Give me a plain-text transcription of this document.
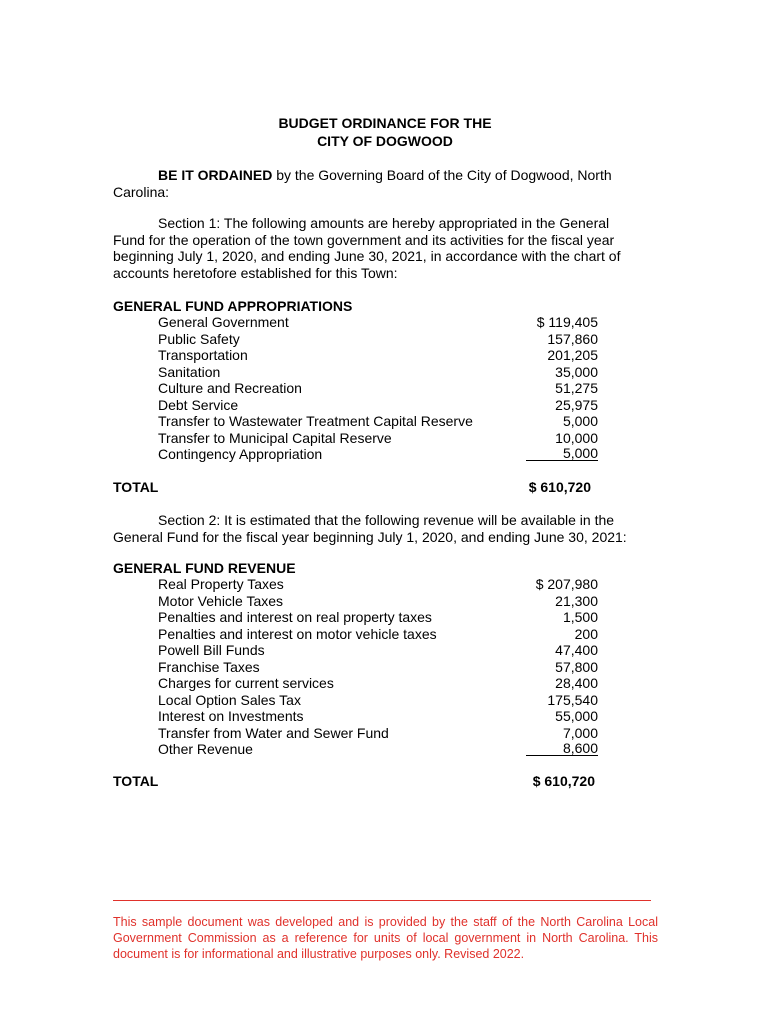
BUDGET ORDINANCE FOR THE
CITY OF DOGWOOD
BE IT ORDAINED by the Governing Board of the City of Dogwood, North Carolina:
Section 1: The following amounts are hereby appropriated in the General Fund for the operation of the town government and its activities for the fiscal year beginning July 1, 2020, and ending June 30, 2021, in accordance with the chart of accounts heretofore established for this Town:
GENERAL FUND APPROPRIATIONS
General Government	$ 119,405
Public Safety	157,860
Transportation	201,205
Sanitation	35,000
Culture and Recreation	51,275
Debt Service	25,975
Transfer to Wastewater Treatment Capital Reserve	5,000
Transfer to Municipal Capital Reserve	10,000
Contingency Appropriation	5,000
TOTAL	$ 610,720
Section 2: It is estimated that the following revenue will be available in the General Fund for the fiscal year beginning July 1, 2020, and ending June 30, 2021:
GENERAL FUND REVENUE
Real Property Taxes	$ 207,980
Motor Vehicle Taxes	21,300
Penalties and interest on real property taxes	1,500
Penalties and interest on motor vehicle taxes	200
Powell Bill Funds	47,400
Franchise Taxes	57,800
Charges for current services	28,400
Local Option Sales Tax	175,540
Interest on Investments	55,000
Transfer from Water and Sewer Fund	7,000
Other Revenue	8,600
TOTAL	$ 610,720
This sample document was developed and is provided by the staff of the North Carolina Local Government Commission as a reference for units of local government in North Carolina. This document is for informational and illustrative purposes only. Revised 2022.
